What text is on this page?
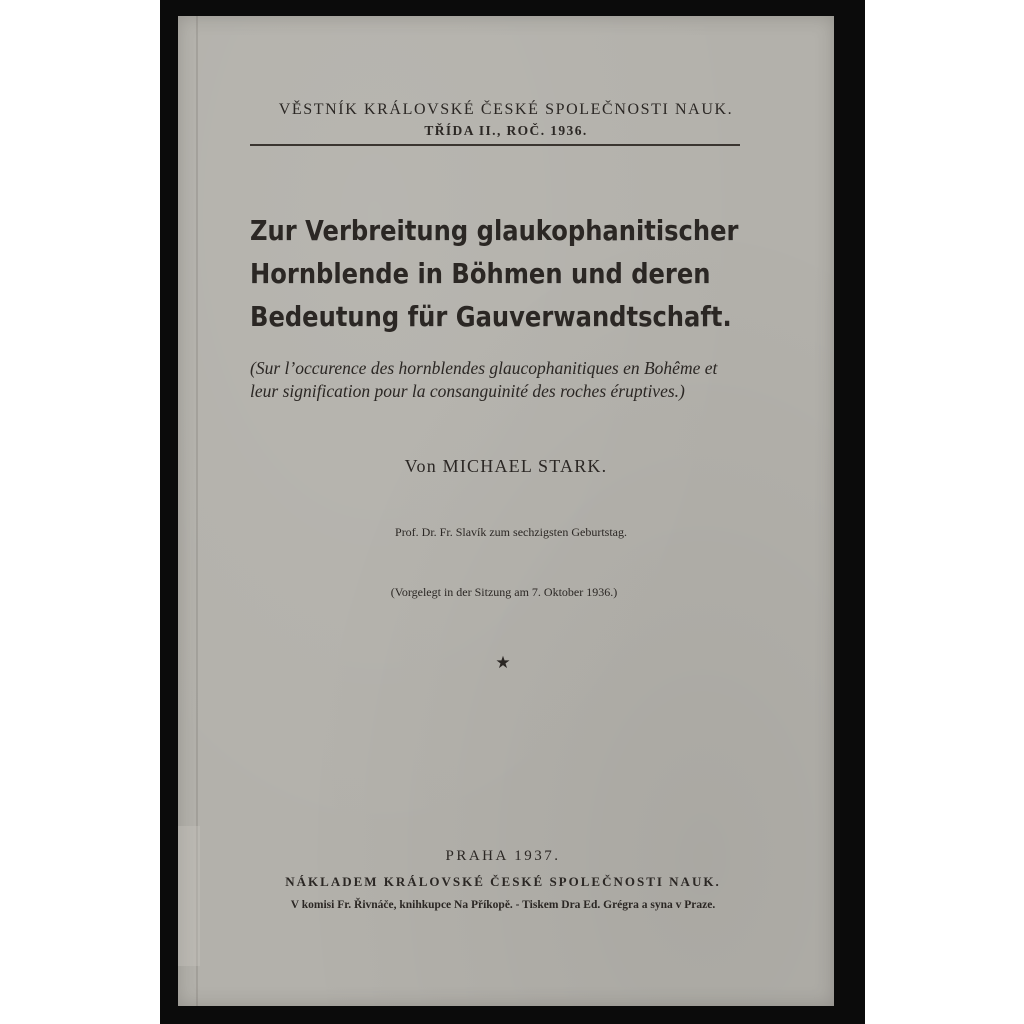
VĚSTNÍK KRÁLOVSKÉ ČESKÉ SPOLEČNOSTI NAUK.
TŘÍDA II., ROČ. 1936.
Zur Verbreitung glaukophanitischer
Hornblende in Böhmen und deren
Bedeutung für Gauverwandtschaft.
(Sur l’occurence des hornblendes glaucophanitiques en Bohême et
leur signification pour la consanguinité des roches éruptives.)
Von MICHAEL STARK.
Prof. Dr. Fr. Slavík zum sechzigsten Geburtstag.
(Vorgelegt in der Sitzung am 7. Oktober 1936.)
★
PRAHA 1937.
NÁKLADEM KRÁLOVSKÉ ČESKÉ SPOLEČNOSTI NAUK.
V komisi Fr. Řivnáče, knihkupce Na Příkopě. - Tiskem Dra Ed. Grégra a syna v Praze.
